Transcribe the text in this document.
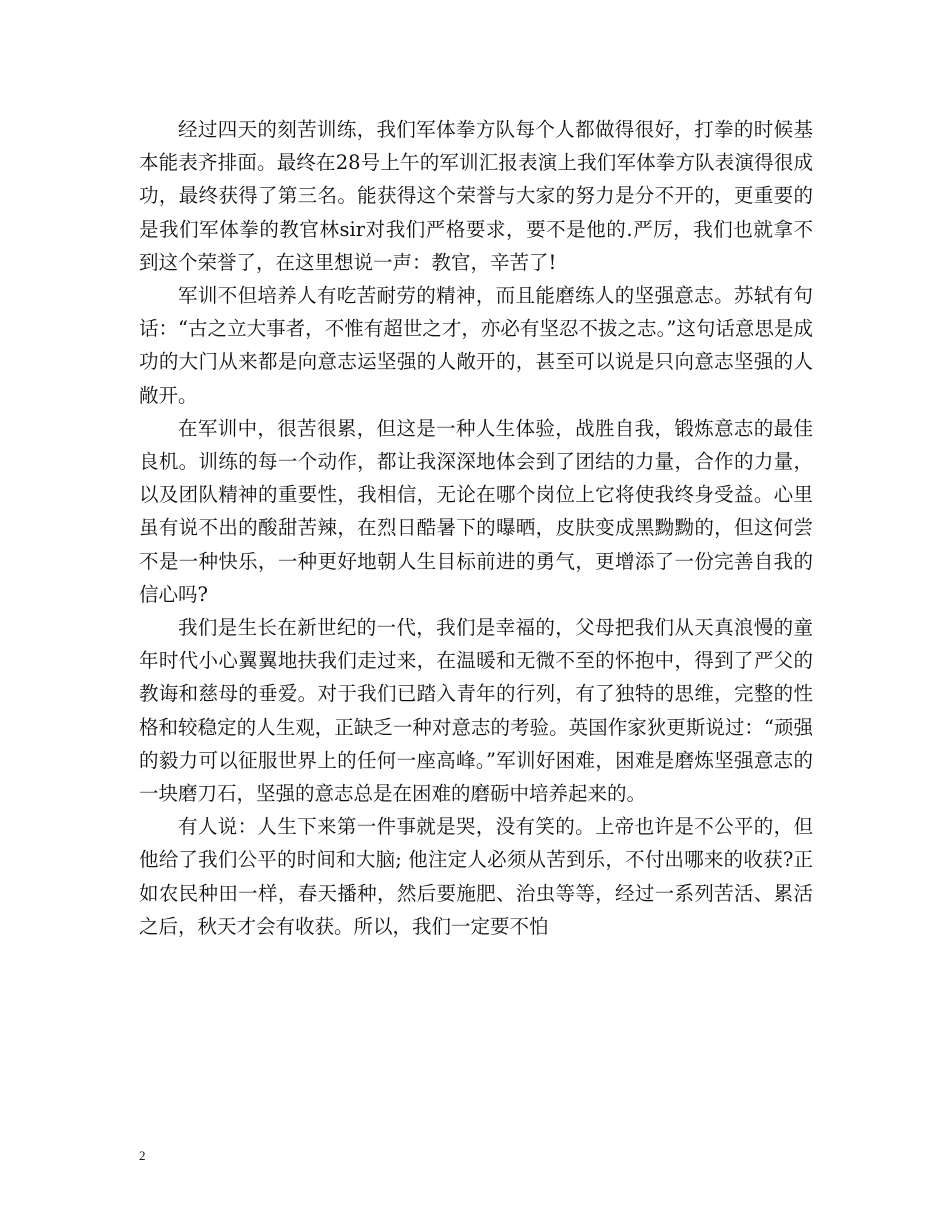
经过四天的刻苦训练，我们军体拳方队每个人都做得很好，打拳的时候基本能表齐排面。最终在28号上午的军训汇报表演上我们军体拳方队表演得很成功，最终获得了第三名。能获得这个荣誉与大家的努力是分不开的，更重要的是我们军体拳的教官林sir对我们严格要求，要不是他的.严厉，我们也就拿不到这个荣誉了，在这里想说一声：教官，辛苦了!

军训不但培养人有吃苦耐劳的精神，而且能磨练人的坚强意志。苏轼有句话：“古之立大事者，不惟有超世之才，亦必有坚忍不拔之志。”这句话意思是成功的大门从来都是向意志运坚强的人敞开的，甚至可以说是只向意志坚强的人敞开。

在军训中，很苦很累，但这是一种人生体验，战胜自我，锻炼意志的最佳良机。训练的每一个动作，都让我深深地体会到了团结的力量，合作的力量，以及团队精神的重要性，我相信，无论在哪个岗位上它将使我终身受益。心里虽有说不出的酸甜苦辣，在烈日酷暑下的曝晒，皮肤变成黑黝黝的，但这何尝不是一种快乐，一种更好地朝人生目标前进的勇气，更增添了一份完善自我的信心吗?

我们是生长在新世纪的一代，我们是幸福的，父母把我们从天真浪慢的童年时代小心翼翼地扶我们走过来，在温暖和无微不至的怀抱中，得到了严父的教诲和慈母的垂爱。对于我们已踏入青年的行列，有了独特的思维，完整的性格和较稳定的人生观，正缺乏一种对意志的考验。英国作家狄更斯说过：“顽强的毅力可以征服世界上的任何一座高峰。”军训好困难，困难是磨炼坚强意志的一块磨刀石，坚强的意志总是在困难的磨砺中培养起来的。

有人说：人生下来第一件事就是哭，没有笑的。上帝也许是不公平的，但他给了我们公平的时间和大脑; 他注定人必须从苦到乐，不付出哪来的收获?正如农民种田一样，春天播种，然后要施肥、治虫等等，经过一系列苦活、累活之后，秋天才会有收获。所以，我们一定要不怕

2
